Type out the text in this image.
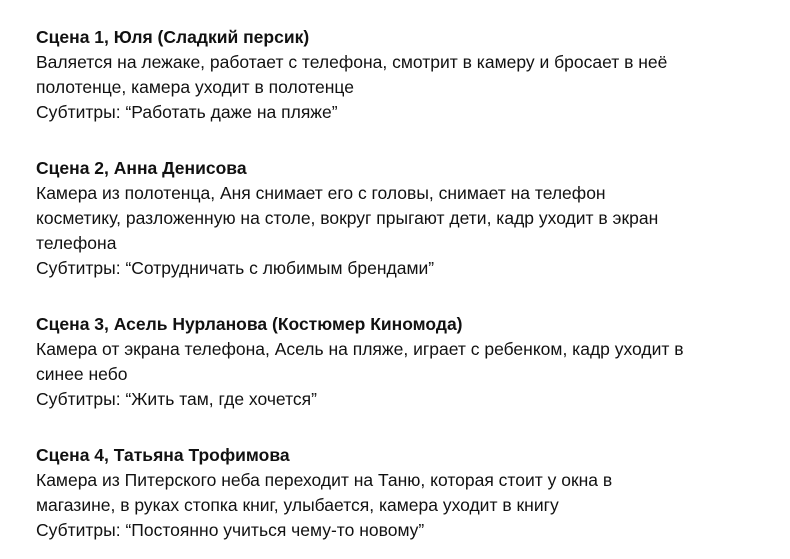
Сцена 1, Юля (Сладкий персик)

Валяется на лежаке, работает с телефона, смотрит в камеру и бросает в неё

полотенце, камера уходит в полотенце

Субтитры: “Работать даже на пляже”

Сцена 2, Анна Денисова

Камера из полотенца, Аня снимает его с головы, снимает на телефон

косметику, разложенную на столе, вокруг прыгают дети, кадр уходит в экран

телефона

Субтитры: “Сотрудничать с любимым брендами”

Сцена 3, Асель Нурланова (Костюмер Киномода)

Камера от экрана телефона, Асель на пляже, играет с ребенком, кадр уходит в

синее небо

Субтитры: “Жить там, где хочется”

Сцена 4, Татьяна Трофимова

Камера из Питерского неба переходит на Таню, которая стоит у окна в

магазине, в руках стопка книг, улыбается, камера уходит в книгу

Субтитры: “Постоянно учиться чему-то новому”
